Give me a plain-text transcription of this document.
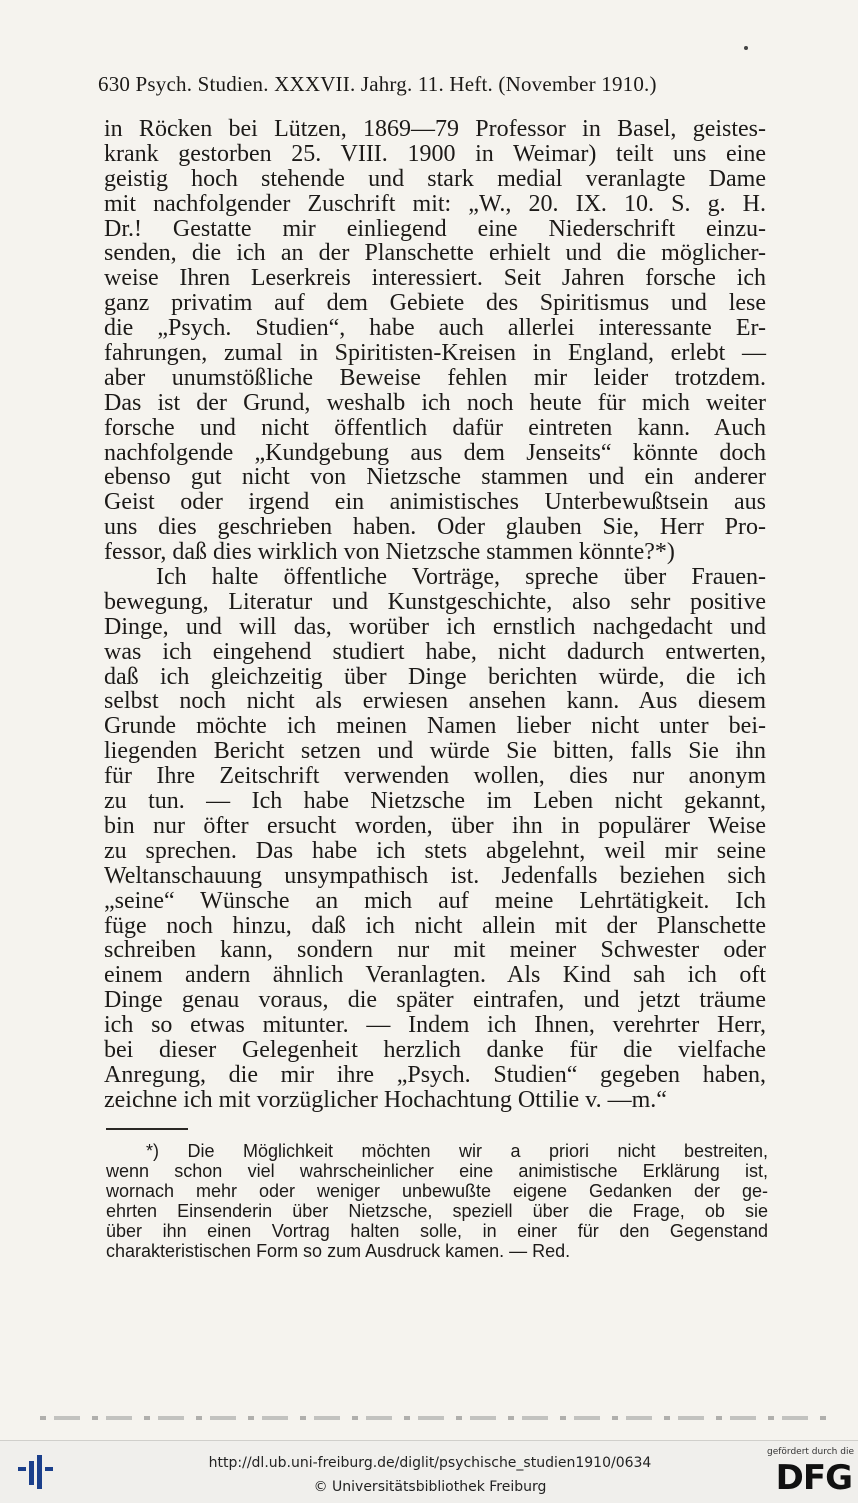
630 Psych. Studien. XXXVII. Jahrg. 11. Heft. (November 1910.)
in Röcken bei Lützen, 1869—79 Professor in Basel, geistes-
krank gestorben 25. VIII. 1900 in Weimar) teilt uns eine
geistig hoch stehende und stark medial veranlagte Dame
mit nachfolgender Zuschrift mit: „W., 20. IX. 10. S. g. H.
Dr.! Gestatte mir einliegend eine Niederschrift einzu-
senden, die ich an der Planschette erhielt und die möglicher-
weise Ihren Leserkreis interessiert. Seit Jahren forsche ich
ganz privatim auf dem Gebiete des Spiritismus und lese
die „Psych. Studien“, habe auch allerlei interessante Er-
fahrungen, zumal in Spiritisten-Kreisen in England, erlebt —
aber unumstößliche Beweise fehlen mir leider trotzdem.
Das ist der Grund, weshalb ich noch heute für mich weiter
forsche und nicht öffentlich dafür eintreten kann. Auch
nachfolgende „Kundgebung aus dem Jenseits“ könnte doch
ebenso gut nicht von Nietzsche stammen und ein anderer
Geist oder irgend ein animistisches Unterbewußtsein aus
uns dies geschrieben haben. Oder glauben Sie, Herr Pro-
fessor, daß dies wirklich von Nietzsche stammen könnte?*)
Ich halte öffentliche Vorträge, spreche über Frauen-
bewegung, Literatur und Kunstgeschichte, also sehr positive
Dinge, und will das, worüber ich ernstlich nachgedacht und
was ich eingehend studiert habe, nicht dadurch entwerten,
daß ich gleichzeitig über Dinge berichten würde, die ich
selbst noch nicht als erwiesen ansehen kann. Aus diesem
Grunde möchte ich meinen Namen lieber nicht unter bei-
liegenden Bericht setzen und würde Sie bitten, falls Sie ihn
für Ihre Zeitschrift verwenden wollen, dies nur anonym
zu tun. — Ich habe Nietzsche im Leben nicht gekannt,
bin nur öfter ersucht worden, über ihn in populärer Weise
zu sprechen. Das habe ich stets abgelehnt, weil mir seine
Weltanschauung unsympathisch ist. Jedenfalls beziehen sich
„seine“ Wünsche an mich auf meine Lehrtätigkeit. Ich
füge noch hinzu, daß ich nicht allein mit der Planschette
schreiben kann, sondern nur mit meiner Schwester oder
einem andern ähnlich Veranlagten. Als Kind sah ich oft
Dinge genau voraus, die später eintrafen, und jetzt träume
ich so etwas mitunter. — Indem ich Ihnen, verehrter Herr,
bei dieser Gelegenheit herzlich danke für die vielfache
Anregung, die mir ihre „Psych. Studien“ gegeben haben,
zeichne ich mit vorzüglicher Hochachtung Ottilie v. —m.“
*) Die Möglichkeit möchten wir a priori nicht bestreiten,
wenn schon viel wahrscheinlicher eine animistische Erklärung ist,
wornach mehr oder weniger unbewußte eigene Gedanken der ge-
ehrten Einsenderin über Nietzsche, speziell über die Frage, ob sie
über ihn einen Vortrag halten solle, in einer für den Gegenstand
charakteristischen Form so zum Ausdruck kamen. — Red.
http://dl.ub.uni-freiburg.de/diglit/psychische_studien1910/0634
© Universitätsbibliothek Freiburg
gefördert durch die
DFG
